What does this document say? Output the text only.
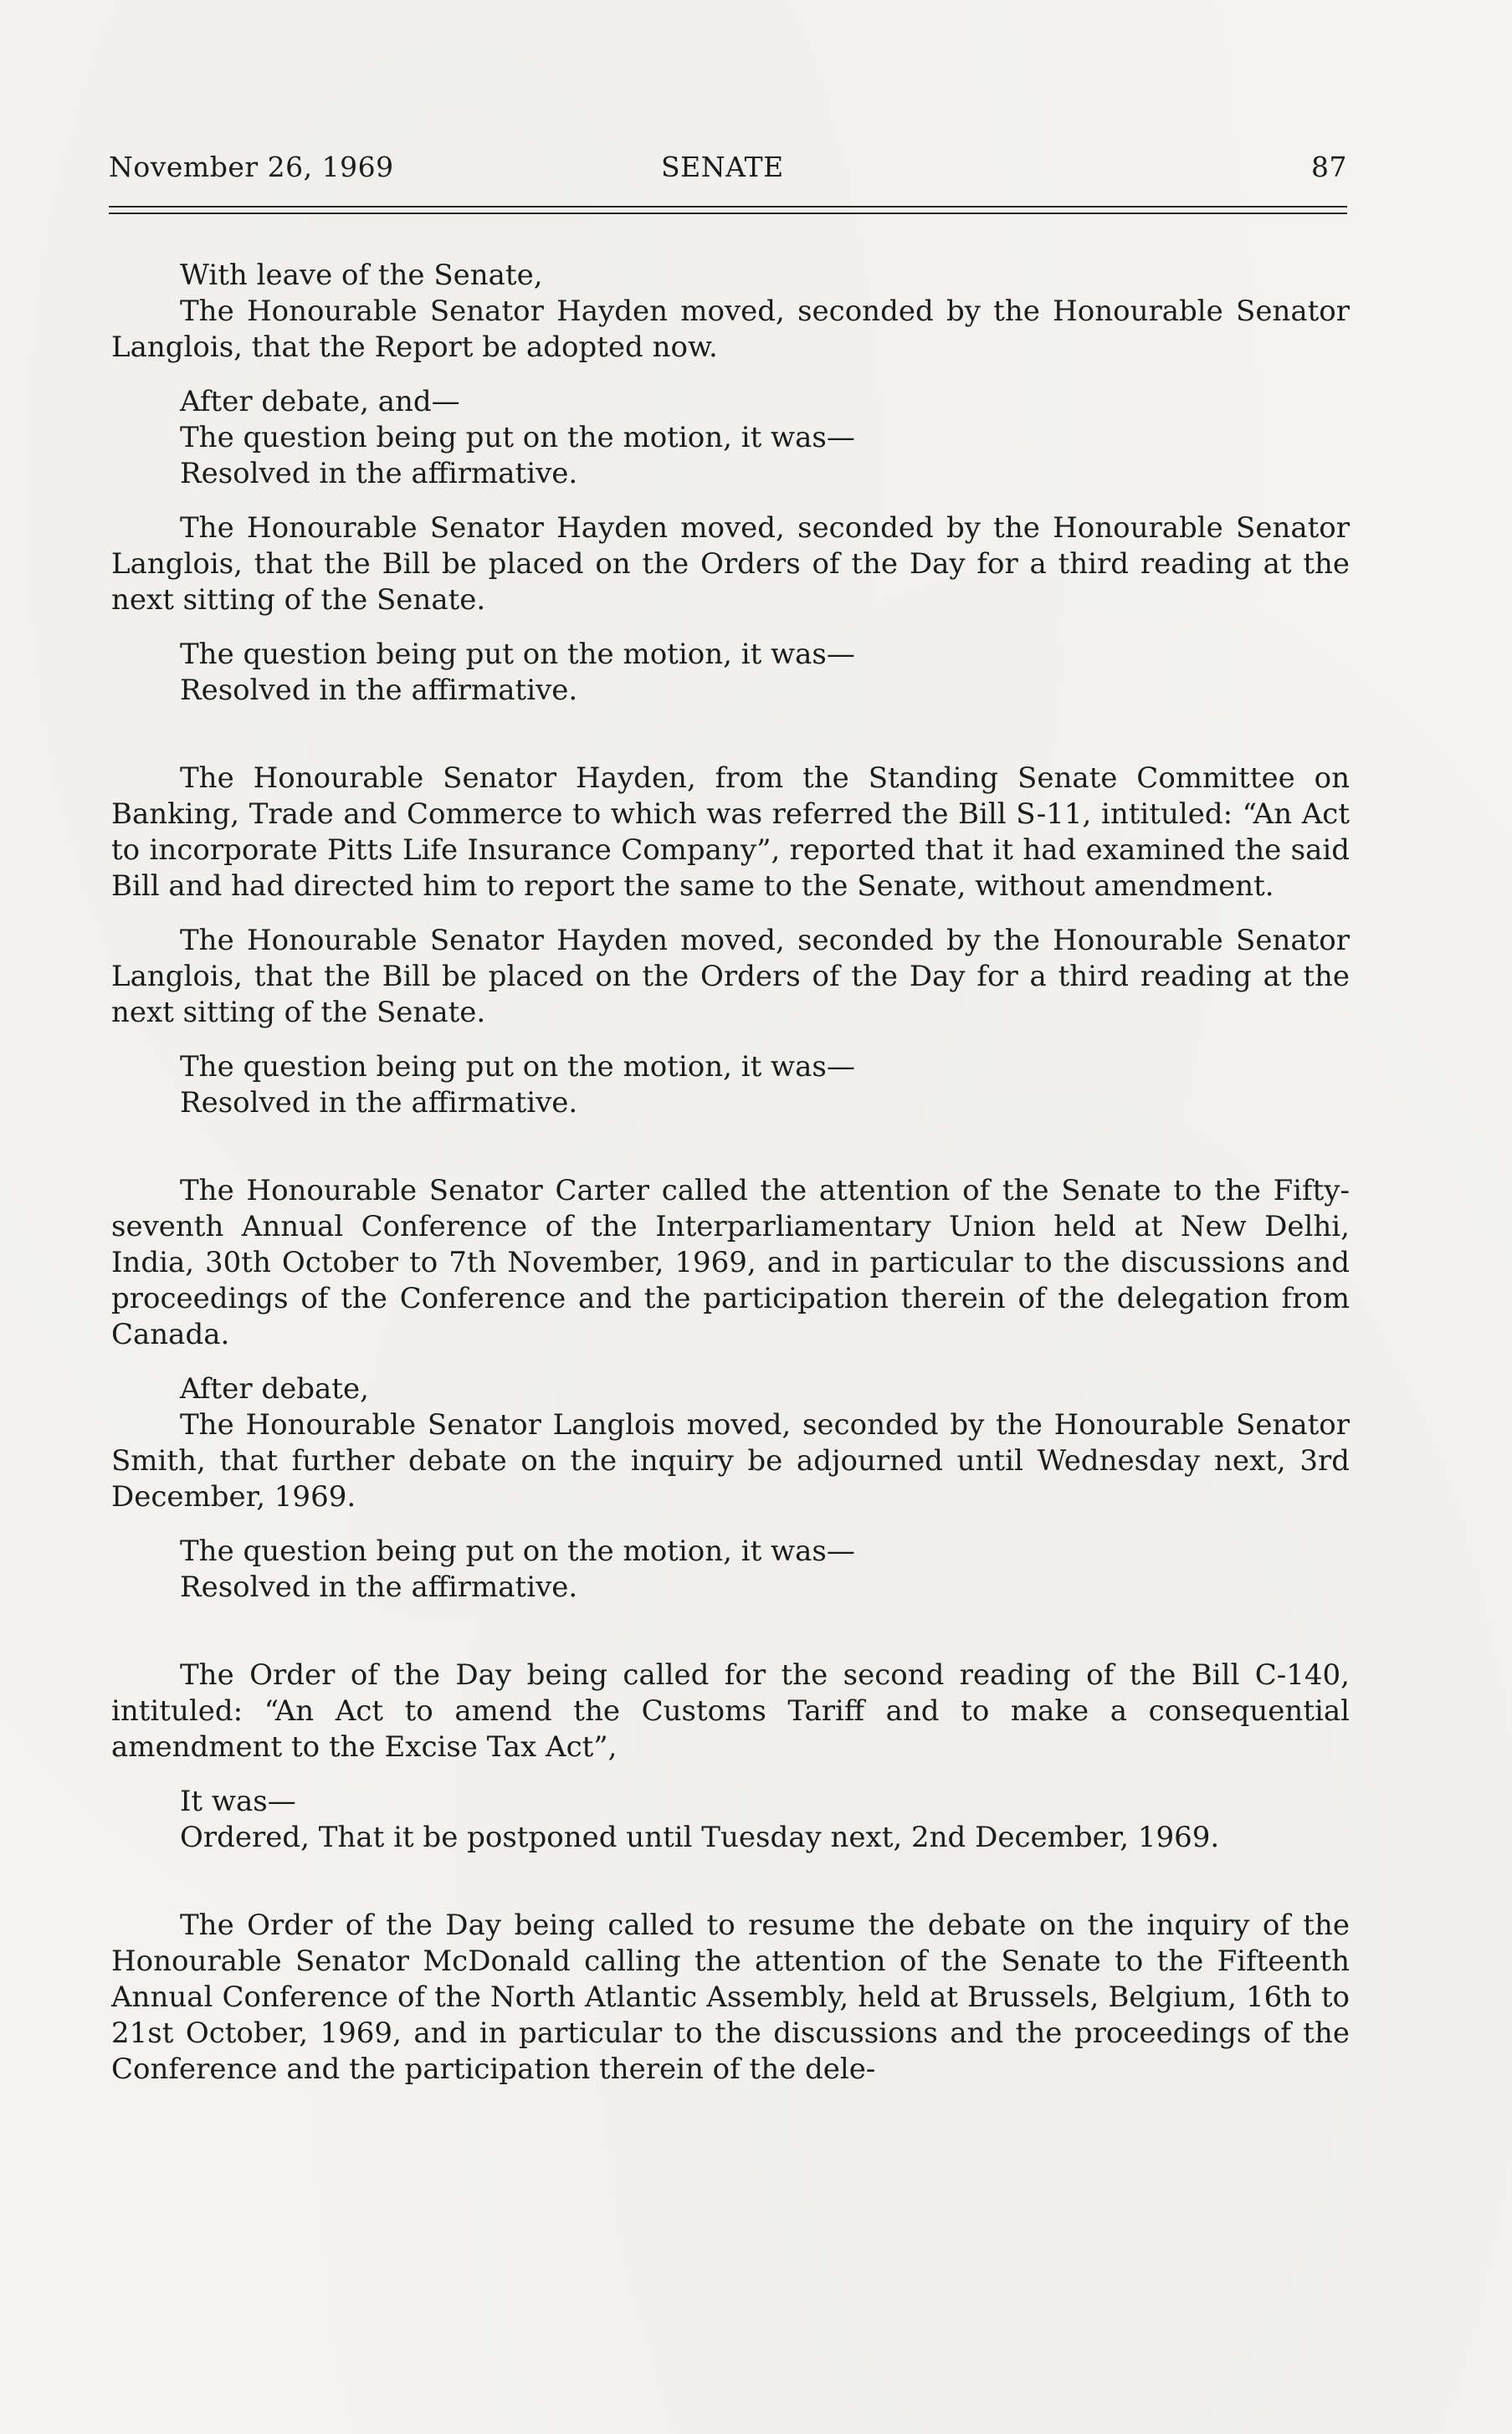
November 26, 1969	SENATE	87

With leave of the Senate,

The Honourable Senator Hayden moved, seconded by the Honourable Senator Langlois, that the Report be adopted now.

After debate, and—

The question being put on the motion, it was—

Resolved in the affirmative.

The Honourable Senator Hayden moved, seconded by the Honourable Senator Langlois, that the Bill be placed on the Orders of the Day for a third reading at the next sitting of the Senate.

The question being put on the motion, it was—

Resolved in the affirmative.

The Honourable Senator Hayden, from the Standing Senate Committee on Banking, Trade and Commerce to which was referred the Bill S-11, intituled: “An Act to incorporate Pitts Life Insurance Company”, reported that it had examined the said Bill and had directed him to report the same to the Senate, without amendment.

The Honourable Senator Hayden moved, seconded by the Honourable Senator Langlois, that the Bill be placed on the Orders of the Day for a third reading at the next sitting of the Senate.

The question being put on the motion, it was—

Resolved in the affirmative.

The Honourable Senator Carter called the attention of the Senate to the Fifty-seventh Annual Conference of the Interparliamentary Union held at New Delhi, India, 30th October to 7th November, 1969, and in particular to the discussions and proceedings of the Conference and the participation therein of the delegation from Canada.

After debate,

The Honourable Senator Langlois moved, seconded by the Honourable Senator Smith, that further debate on the inquiry be adjourned until Wednesday next, 3rd December, 1969.

The question being put on the motion, it was—

Resolved in the affirmative.

The Order of the Day being called for the second reading of the Bill C-140, intituled: “An Act to amend the Customs Tariff and to make a consequential amendment to the Excise Tax Act”,

It was—

Ordered, That it be postponed until Tuesday next, 2nd December, 1969.

The Order of the Day being called to resume the debate on the inquiry of the Honourable Senator McDonald calling the attention of the Senate to the Fifteenth Annual Conference of the North Atlantic Assembly, held at Brussels, Belgium, 16th to 21st October, 1969, and in particular to the discussions and the proceedings of the Conference and the participation therein of the dele-
